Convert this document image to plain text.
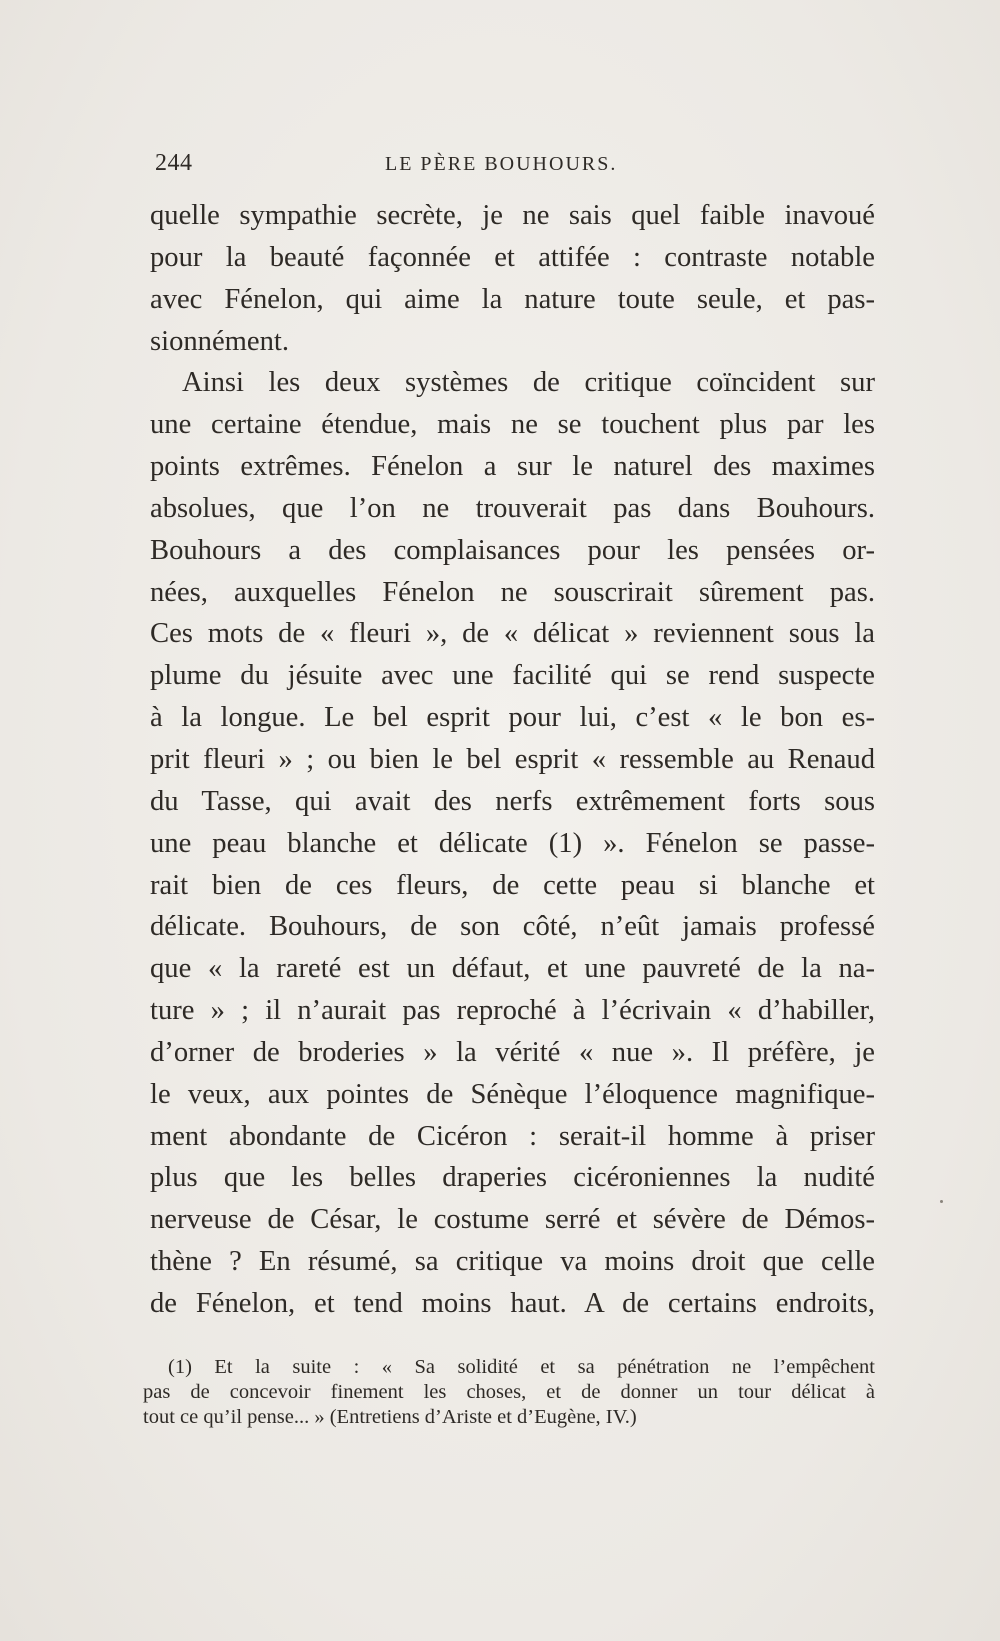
244	LE PÈRE BOUHOURS.
quelle sympathie secrète, je ne sais quel faible inavoué
pour la beauté façonnée et attifée : contraste notable
avec Fénelon, qui aime la nature toute seule, et pas-
sionnément.
Ainsi les deux systèmes de critique coïncident sur
une certaine étendue, mais ne se touchent plus par les
points extrêmes. Fénelon a sur le naturel des maximes
absolues, que l’on ne trouverait pas dans Bouhours.
Bouhours a des complaisances pour les pensées or-
nées, auxquelles Fénelon ne souscrirait sûrement pas.
Ces mots de « fleuri », de « délicat » reviennent sous la
plume du jésuite avec une facilité qui se rend suspecte
à la longue. Le bel esprit pour lui, c’est « le bon es-
prit fleuri » ; ou bien le bel esprit « ressemble au Renaud
du Tasse, qui avait des nerfs extrêmement forts sous
une peau blanche et délicate (1) ». Fénelon se passe-
rait bien de ces fleurs, de cette peau si blanche et
délicate. Bouhours, de son côté, n’eût jamais professé
que « la rareté est un défaut, et une pauvreté de la na-
ture » ; il n’aurait pas reproché à l’écrivain « d’habiller,
d’orner de broderies » la vérité « nue ». Il préfère, je
le veux, aux pointes de Sénèque l’éloquence magnifique-
ment abondante de Cicéron : serait-il homme à priser
plus que les belles draperies cicéroniennes la nudité
nerveuse de César, le costume serré et sévère de Démos-
thène ? En résumé, sa critique va moins droit que celle
de Fénelon, et tend moins haut. A de certains endroits,
(1) Et la suite : « Sa solidité et sa pénétration ne l’empêchent
pas de concevoir finement les choses, et de donner un tour délicat à
tout ce qu’il pense... » (Entretiens d’Ariste et d’Eugène, IV.)
